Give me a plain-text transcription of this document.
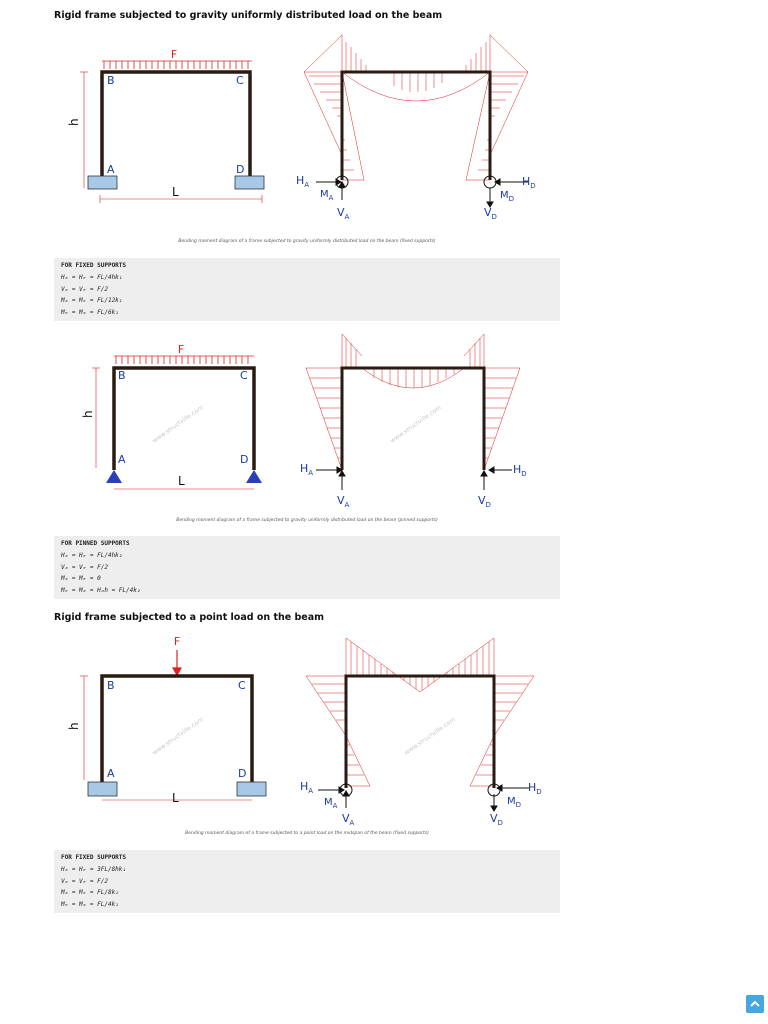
Rigid frame subjected to gravity uniformly distributed load on the beam
F
B	C
A	D
h
L
$H_A$
$M_A$
$V_A$
$H_D$
$M_D$
$V_D$
Bending moment diagram of a frame subjected to gravity uniformly distributed load on the beam (fixed supports)
FOR FIXED SUPPORTS
Hₐ = Hₑ = FL/4hk₁
Vₐ = Vₑ = F/2
Mₐ = Mₑ = FL/12k₁
Mₑ = Mₐ = FL/6k₁
F
B	C
A	D
h
L
www.structville.com	www.structville.com
$H_A$
$V_A$
$H_D$
$V_D$
Bending moment diagram of a frame subjected to gravity uniformly distributed load on the beam (pinned supports)
FOR PINNED SUPPORTS
Hₐ = Hₑ = FL/4hk₂
Vₐ = Vₑ = F/2
Mₐ = Mₑ = 0
Mₑ = Mₐ = Hₐh = FL/4k₂
Rigid frame subjected to a point load on the beam
F
B	C
A	D
h
L
www.structville.com	www.structville.com
$H_A$
$M_A$
$V_A$
$H_D$
$M_D$
$V_D$
Bending moment diagram of a frame subjected to a point load on the midspan of the beam (fixed supports)
FOR FIXED SUPPORTS
Hₐ = Hₑ = 3FL/8hk₁
Vₐ = Vₑ = F/2
Mₐ = Mₑ = FL/8k₁
Mₑ = Mₐ = FL/4k₁
